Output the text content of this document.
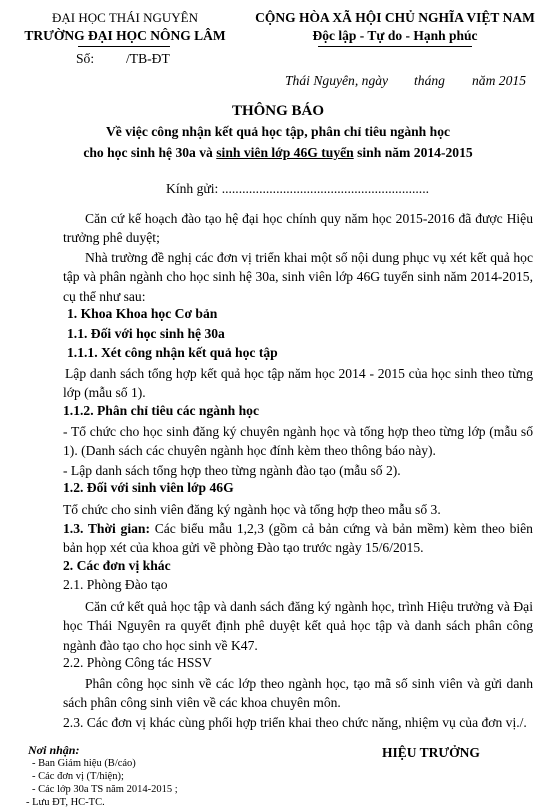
ĐẠI HỌC THÁI NGUYÊN
TRƯỜNG ĐẠI HỌC NÔNG LÂM
Số: /TB-ĐT
CỘNG HÒA XÃ HỘI CHỦ NGHĨA VIỆT NAM
Độc lập - Tự do - Hạnh phúc
Thái Nguyên, ngày tháng năm 2015
THÔNG BÁO
Về việc công nhận kết quả học tập, phân chỉ tiêu ngành học
cho học sinh hệ 30a và sinh viên lớp 46G tuyển sinh năm 2014-2015
Kính gửi: .............................................................
Căn cứ kế hoạch đào tạo hệ đại học chính quy năm học 2015-2016 đã được Hiệu trưởng phê duyệt;
Nhà trường đề nghị các đơn vị triển khai một số nội dung phục vụ xét kết quả học tập và phân ngành cho học sinh hệ 30a, sinh viên lớp 46G tuyển sinh năm 2014-2015, cụ thể như sau:
1. Khoa Khoa học Cơ bản
1.1. Đối với học sinh hệ 30a
1.1.1. Xét công nhận kết quả học tập
Lập danh sách tổng hợp kết quả học tập năm học 2014 - 2015 của học sinh theo từng lớp (mẫu số 1).
1.1.2. Phân chỉ tiêu các ngành học
- Tổ chức cho học sinh đăng ký chuyên ngành học và tổng hợp theo từng lớp (mẫu số 1). (Danh sách các chuyên ngành học đính kèm theo thông báo này).
- Lập danh sách tổng hợp theo từng ngành đào tạo (mẫu số 2).
1.2. Đối với sinh viên lớp 46G
Tổ chức cho sinh viên đăng ký ngành học và tổng hợp theo mẫu số 3.
1.3. Thời gian: Các biểu mẫu 1,2,3 (gồm cả bản cứng và bản mềm) kèm theo biên bản họp xét của khoa gửi về phòng Đào tạo trước ngày 15/6/2015.
2. Các đơn vị khác
2.1. Phòng Đào tạo
Căn cứ kết quả học tập và danh sách đăng ký ngành học, trình Hiệu trưởng và Đại học Thái Nguyên ra quyết định phê duyệt kết quả học tập và danh sách phân công ngành đào tạo cho học sinh về K47.
2.2. Phòng Công tác HSSV
Phân công học sinh về các lớp theo ngành học, tạo mã số sinh viên và gửi danh sách phân công sinh viên về các khoa chuyên môn.
2.3. Các đơn vị khác cùng phối hợp triển khai theo chức năng, nhiệm vụ của đơn vị./.
Nơi nhận:
- Ban Giám hiệu (B/cáo)
- Các đơn vị (T/hiện);
- Các lớp 30a TS năm 2014-2015 ;
- Lưu ĐT, HC-TC.
HIỆU TRƯỞNG
